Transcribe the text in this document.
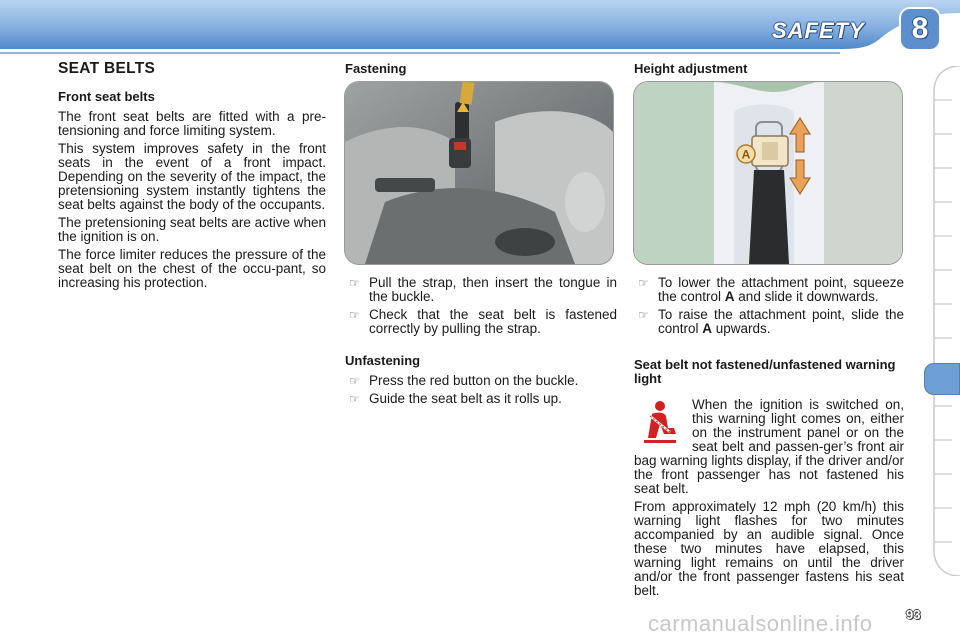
SAFETY 8
SEAT BELTS
Front seat belts

The front seat belts are fitted with a pre-tensioning and force limiting system.

This system improves safety in the front seats in the event of a front impact. Depending on the severity of the impact, the pretensioning system instantly tightens the seat belts against the body of the occupants.

The pretensioning seat belts are active when the ignition is on.

The force limiter reduces the pressure of the seat belt on the chest of the occu-pant, so increasing his protection.

Fastening
☞ Pull the strap, then insert the tongue in the buckle.
☞ Check that the seat belt is fastened correctly by pulling the strap.
Unfastening
☞ Press the red button on the buckle.
☞ Guide the seat belt as it rolls up.
Height adjustment
A
☞ To lower the attachment point, squeeze the control A and slide it downwards.
☞ To raise the attachment point, slide the control A upwards.
Seat belt not fastened/unfastened warning light

When the ignition is switched on, this warning light comes on, either on the instrument panel or on the seat belt and passen-ger’s front air bag warning lights display, if the driver and/or the front passenger has not fastened his seat belt.

From approximately 12 mph (20 km/h) this warning light flashes for two minutes accompanied by an audible signal. Once these two minutes have elapsed, this warning light remains on until the driver and/or the front passenger fastens his seat belt.

carmanualsonline.info	93
